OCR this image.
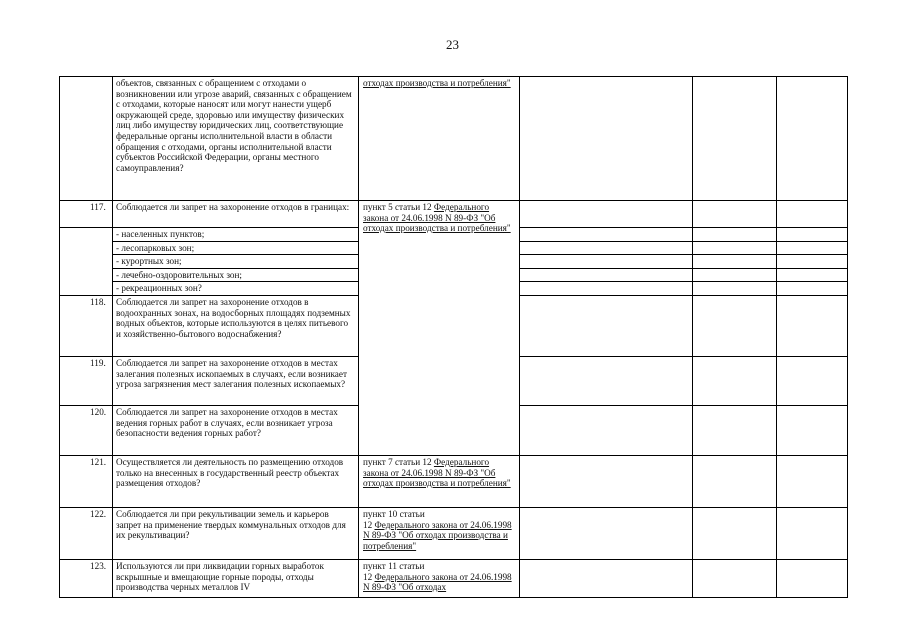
23
	объектов, связанных с обращением с отходами о возникновении или угрозе аварий, связанных с обращением с отходами, которые наносят или могут нанести ущерб окружающей среде, здоровью или имуществу физических лиц либо имуществу юридических лиц, соответствующие федеральные органы исполнительной власти в области обращения с отходами, органы исполнительной власти субъектов Российской Федерации, органы местного самоуправления?	отходах производства и потребления"			
117.	Соблюдается ли запрет на захоронение отходов в границах:	пункт 5 статьи 12 Федерального закона от 24.06.1998 N 89-ФЗ "Об отходах производства и потребления"			
	- населенных пунктов;				
	- лесопарковых зон;				
	- курортных зон;				
	- лечебно-оздоровительных зон;				
	- рекреационных зон?				
118.	Соблюдается ли запрет на захоронение отходов в водоохранных зонах, на водосборных площадях подземных водных объектов, которые используются в целях питьевого и хозяйственно-бытового водоснабжения?				
119.	Соблюдается ли запрет на захоронение отходов в местах залегания полезных ископаемых в случаях, если возникает угроза загрязнения мест залегания полезных ископаемых?				
120.	Соблюдается ли запрет на захоронение отходов в местах ведения горных работ в случаях, если возникает угроза безопасности ведения горных работ?				
121.	Осуществляется ли деятельность по размещению отходов только на внесенных в государственный реестр объектах размещения отходов?	пункт 7 статьи 12 Федерального закона от 24.06.1998 N 89-ФЗ "Об отходах производства и потребления"			
122.	Соблюдается ли при рекультивации земель и карьеров запрет на применение твердых коммунальных отходов для их рекультивации?	пункт 10 статьи
12 Федерального закона от 24.06.1998 N 89-ФЗ "Об отходах производства и потребления"			
123.	Используются ли при ликвидации горных выработок вскрышные и вмещающие горные породы, отходы производства черных металлов IV	пункт 11 статьи
12 Федерального закона от 24.06.1998 N 89-ФЗ "Об отходах			
